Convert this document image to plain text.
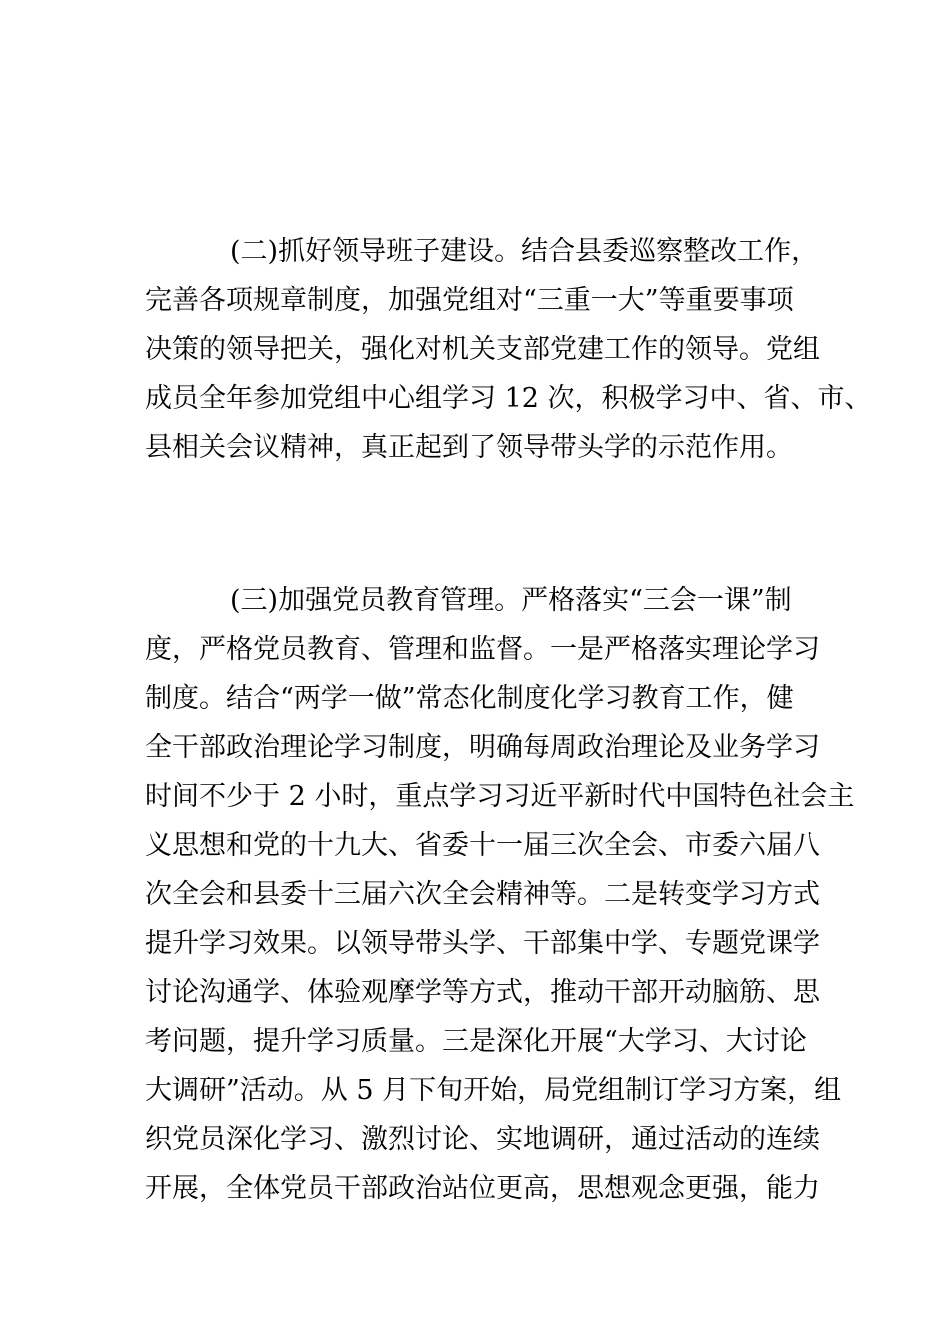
(二)抓好领导班子建设。结合县委巡察整改工作，
完善各项规章制度，加强党组对“三重一大”等重要事项
决策的领导把关，强化对机关支部党建工作的领导。党组
成员全年参加党组中心组学习 12 次，积极学习中、省、市、
县相关会议精神，真正起到了领导带头学的示范作用。

(三)加强党员教育管理。严格落实“三会一课”制
度，严格党员教育、管理和监督。一是严格落实理论学习
制度。结合“两学一做”常态化制度化学习教育工作，健
全干部政治理论学习制度，明确每周政治理论及业务学习
时间不少于 2 小时，重点学习习近平新时代中国特色社会主
义思想和党的十九大、省委十一届三次全会、市委六届八
次全会和县委十三届六次全会精神等。二是转变学习方式
提升学习效果。以领导带头学、干部集中学、专题党课学
讨论沟通学、体验观摩学等方式，推动干部开动脑筋、思
考问题，提升学习质量。三是深化开展“大学习、大讨论
大调研”活动。从 5 月下旬开始，局党组制订学习方案，组
织党员深化学习、激烈讨论、实地调研，通过活动的连续
开展，全体党员干部政治站位更高，思想观念更强，能力
